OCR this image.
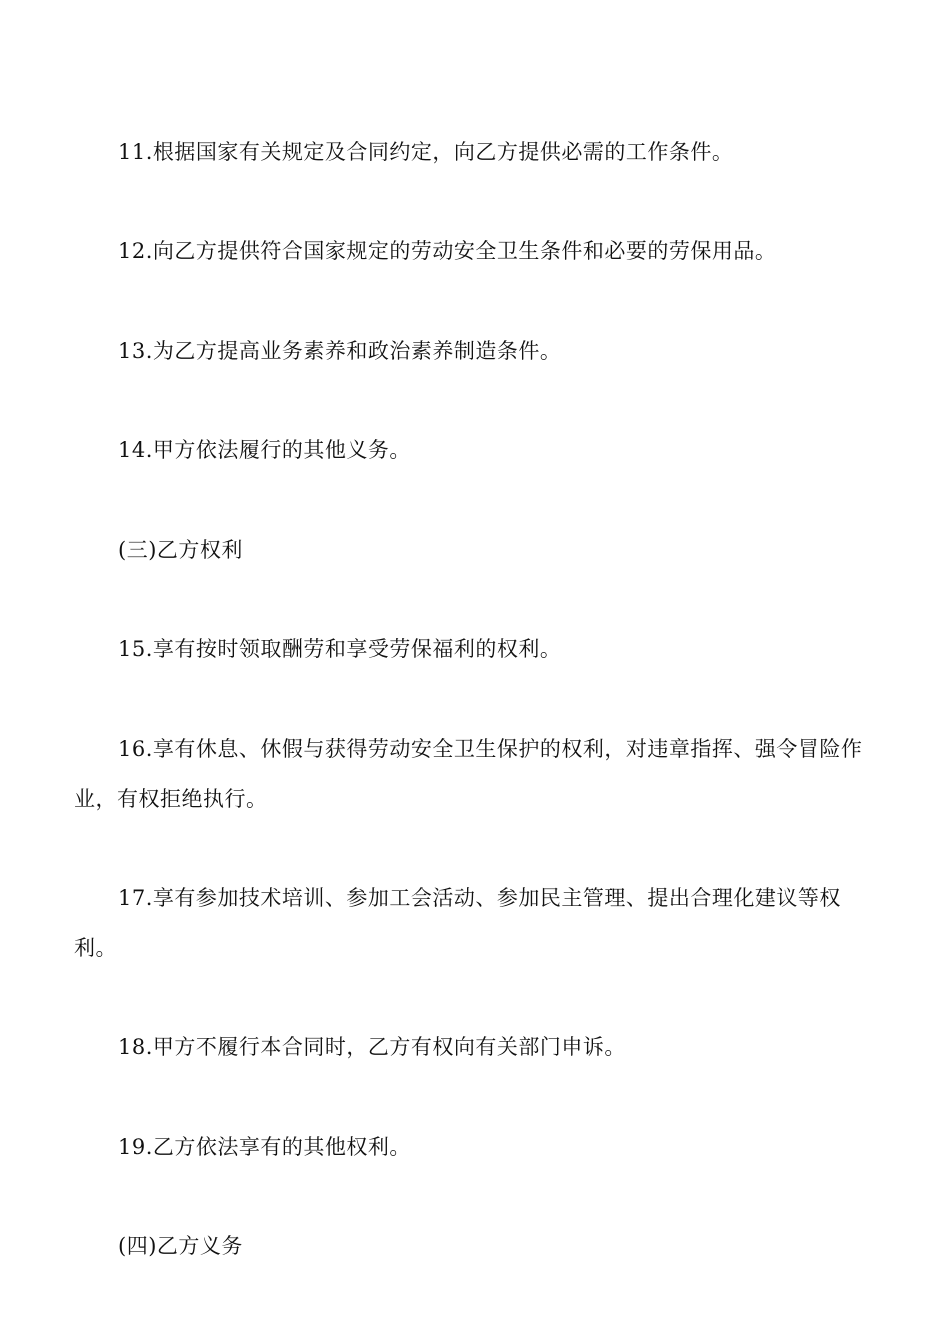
11.根据国家有关规定及合同约定，向乙方提供必需的工作条件。

12.向乙方提供符合国家规定的劳动安全卫生条件和必要的劳保用品。

13.为乙方提高业务素养和政治素养制造条件。

14.甲方依法履行的其他义务。

(三)乙方权利

15.享有按时领取酬劳和享受劳保福利的权利。

16.享有休息、休假与获得劳动安全卫生保护的权利，对违章指挥、强令冒险作业，有权拒绝执行。

17.享有参加技术培训、参加工会活动、参加民主管理、提出合理化建议等权利。

18.甲方不履行本合同时，乙方有权向有关部门申诉。

19.乙方依法享有的其他权利。

(四)乙方义务
